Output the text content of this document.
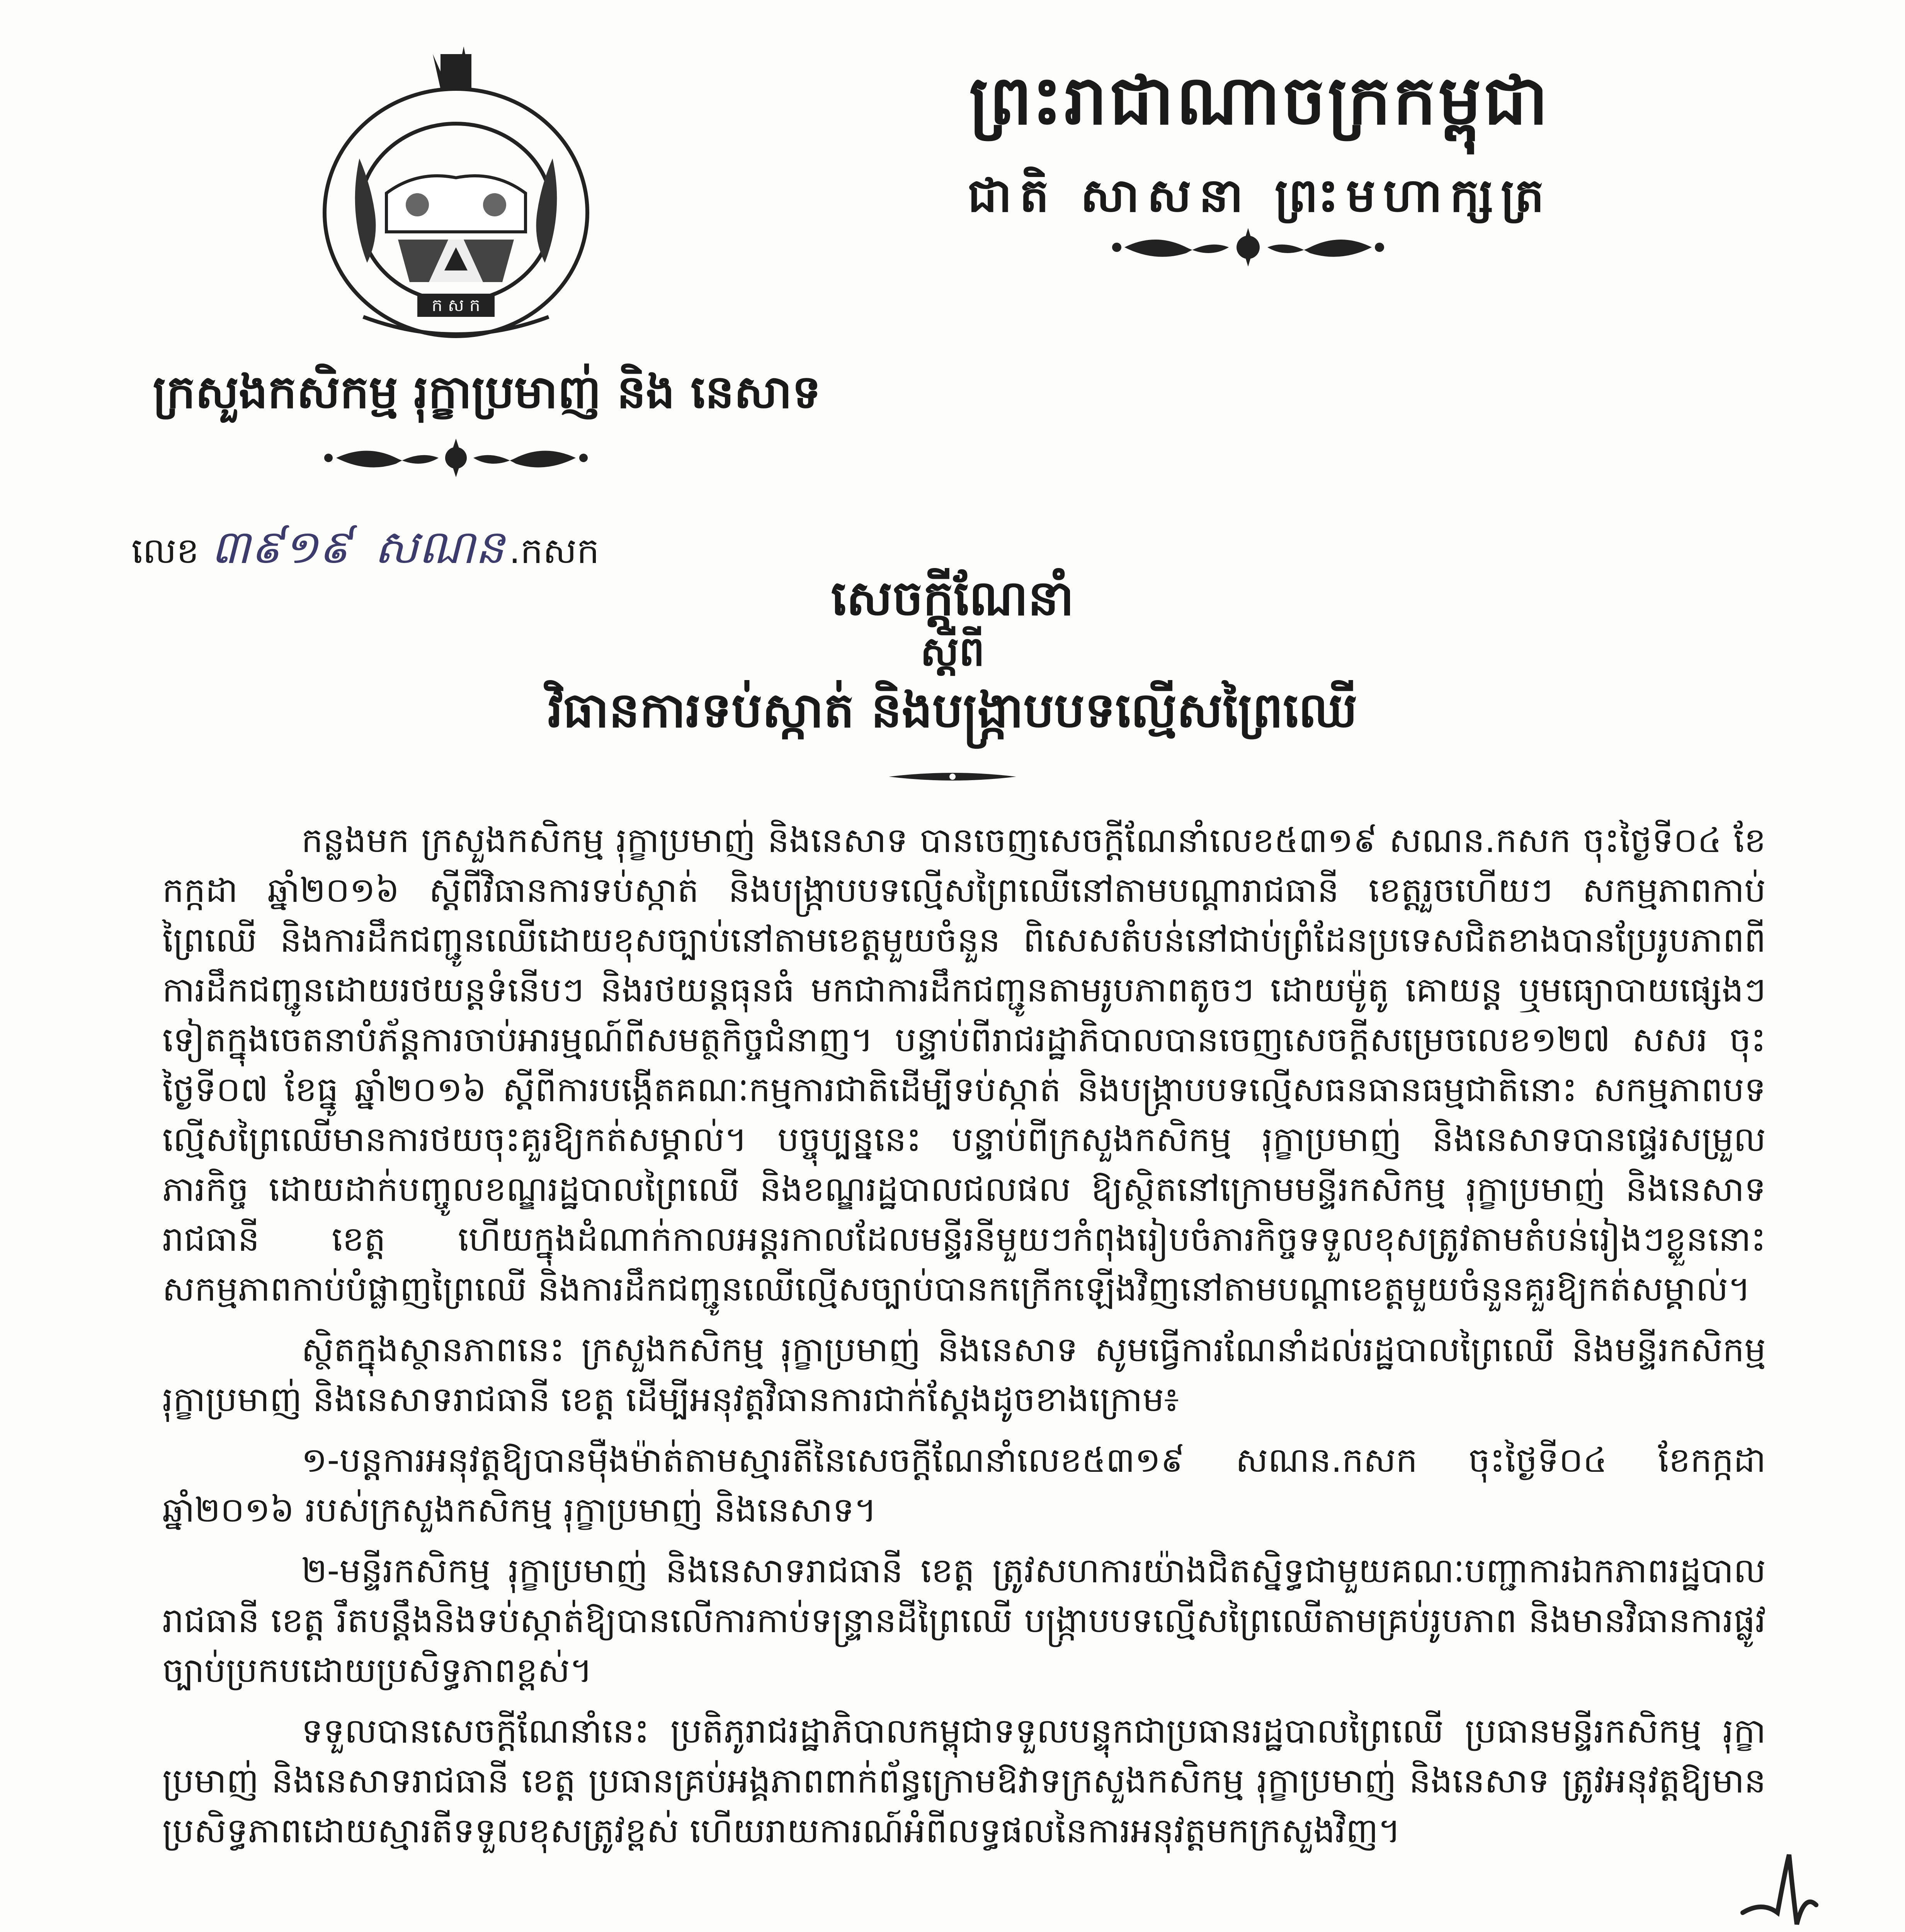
ក ស ក
ព្រះរាជាណាចក្រកម្ពុជា
ជាតិ សាសនា ព្រះមហាក្សត្រ
ក្រសួងកសិកម្ម រុក្ខាប្រមាញ់ និង នេសាទ
លេខ ៣៩១៩ សណន .កសក
សេចក្ដីណែនាំ
ស្ដីពី
វិធានការទប់ស្កាត់ និងបង្ក្រាបបទល្មើសព្រៃឈើ

កន្លងមក ក្រសួងកសិកម្ម រុក្ខាប្រមាញ់ និងនេសាទ បានចេញសេចក្ដីណែនាំលេខ៥៣១៩ សណន.កសក ចុះថ្ងៃទី០៤ ខែកក្កដា ឆ្នាំ២០១៦ ស្ដីពីវិធានការទប់ស្កាត់ និងបង្ក្រាបបទល្មើសព្រៃឈើនៅតាមបណ្ដារាជធានី ខេត្តរួចហើយៗ សកម្មភាពកាប់ព្រៃឈើ និងការដឹកជញ្ជូនឈើដោយខុសច្បាប់នៅតាមខេត្តមួយចំនួន ពិសេសតំបន់នៅជាប់ព្រំដែនប្រទេសជិតខាងបានប្រែរូបភាពពីការដឹកជញ្ជូនដោយរថយន្តទំនើបៗ និងរថយន្តធុនធំ មកជាការដឹកជញ្ជូនតាមរូបភាពតូចៗ ដោយម៉ូតូ គោយន្ត ឬមធ្យោបាយផ្សេងៗទៀតក្នុងចេតនាបំភ័ន្តការចាប់អារម្មណ៍ពីសមត្ថកិច្ចជំនាញ។ បន្ទាប់ពីរាជរដ្ឋាភិបាលបានចេញសេចក្ដីសម្រេចលេខ១២៧ សសរ ចុះថ្ងៃទី០៧ ខែធ្នូ ឆ្នាំ២០១៦ ស្ដីពីការបង្កើតគណៈកម្មការជាតិដើម្បីទប់ស្កាត់ និងបង្ក្រាបបទល្មើសធនធានធម្មជាតិនោះ សកម្មភាពបទល្មើសព្រៃឈើមានការថយចុះគួរឱ្យកត់សម្គាល់។ បច្ចុប្បន្ននេះ បន្ទាប់ពីក្រសួងកសិកម្ម រុក្ខាប្រមាញ់ និងនេសាទបានផ្ទេរសម្រួលភារកិច្ច ដោយដាក់បញ្ចូលខណ្ឌរដ្ឋបាលព្រៃឈើ និងខណ្ឌរដ្ឋបាលជលផល ឱ្យស្ថិតនៅក្រោមមន្ទីរកសិកម្ម រុក្ខាប្រមាញ់ និងនេសាទ រាជធានី ខេត្ត ហើយក្នុងដំណាក់កាលអន្តរកាលដែលមន្ទីរនីមួយៗកំពុងរៀបចំភារកិច្ចទទួលខុសត្រូវតាមតំបន់រៀងៗខ្លួននោះ សកម្មភាពកាប់បំផ្លាញព្រៃឈើ និងការដឹកជញ្ជូនឈើល្មើសច្បាប់បានកក្រើកឡើងវិញនៅតាមបណ្ដាខេត្តមួយចំនួនគួរឱ្យកត់សម្គាល់។

ស្ថិតក្នុងស្ថានភាពនេះ ក្រសួងកសិកម្ម រុក្ខាប្រមាញ់ និងនេសាទ សូមធ្វើការណែនាំដល់រដ្ឋបាលព្រៃឈើ និងមន្ទីរកសិកម្ម រុក្ខាប្រមាញ់ និងនេសាទរាជធានី ខេត្ត ដើម្បីអនុវត្តវិធានការជាក់ស្ដែងដូចខាងក្រោម៖

១-បន្តការអនុវត្តឱ្យបានម៉ឺងម៉ាត់តាមស្មារតីនៃសេចក្ដីណែនាំលេខ៥៣១៩ សណន.កសក ចុះថ្ងៃទី០៤ ខែកក្កដា ឆ្នាំ២០១៦ របស់ក្រសួងកសិកម្ម រុក្ខាប្រមាញ់ និងនេសាទ។

២-មន្ទីរកសិកម្ម រុក្ខាប្រមាញ់ និងនេសាទរាជធានី ខេត្ត ត្រូវសហការយ៉ាងជិតស្និទ្ធជាមួយគណៈបញ្ជាការឯកភាពរដ្ឋបាលរាជធានី ខេត្ត រឹតបន្តឹងនិងទប់ស្កាត់ឱ្យបានលើការកាប់ទន្ទ្រានដីព្រៃឈើ បង្ក្រាបបទល្មើសព្រៃឈើតាមគ្រប់រូបភាព និងមានវិធានការផ្លូវច្បាប់ប្រកបដោយប្រសិទ្ធភាពខ្ពស់។

ទទួលបានសេចក្ដីណែនាំនេះ ប្រតិភូរាជរដ្ឋាភិបាលកម្ពុជាទទួលបន្ទុកជាប្រធានរដ្ឋបាលព្រៃឈើ ប្រធានមន្ទីរកសិកម្ម រុក្ខាប្រមាញ់ និងនេសាទរាជធានី ខេត្ត ប្រធានគ្រប់អង្គភាពពាក់ព័ន្ធក្រោមឱវាទក្រសួងកសិកម្ម រុក្ខាប្រមាញ់ និងនេសាទ ត្រូវអនុវត្តឱ្យមានប្រសិទ្ធភាពដោយស្មារតីទទួលខុសត្រូវខ្ពស់ ហើយរាយការណ៍អំពីលទ្ធផលនៃការអនុវត្តមកក្រសួងវិញ។
